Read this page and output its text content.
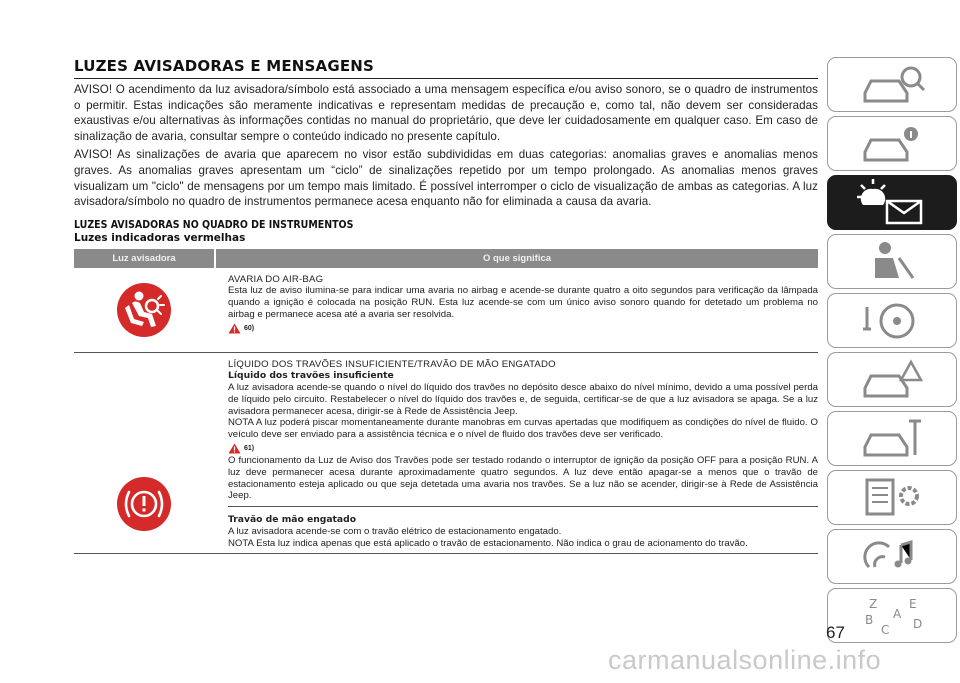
LUZES AVISADORAS E MENSAGENS

AVISO! O acendimento da luz avisadora/símbolo está associado a uma mensagem específica e/ou aviso sonoro, se o quadro de instrumentos o permitir. Estas indicações são meramente indicativas e representam medidas de precaução e, como tal, não devem ser consideradas exaustivas e/ou alternativas às informações contidas no manual do proprietário, que deve ler cuidadosamente em qualquer caso. Em caso de sinalização de avaria, consultar sempre o conteúdo indicado no presente capítulo.

AVISO! As sinalizações de avaria que aparecem no visor estão subdivididas em duas categorias: anomalias graves e anomalias menos graves. As anomalias graves apresentam um “ciclo” de sinalizações repetido por um tempo prolongado. As anomalias menos graves visualizam um "ciclo" de mensagens por um tempo mais limitado. É possível interromper o ciclo de visualização de ambas as categorias. A luz avisadora/símbolo no quadro de instrumentos permanece acesa enquanto não for eliminada a causa da avaria.

LUZES AVISADORAS NO QUADRO DE INSTRUMENTOS
Luzes indicadoras vermelhas
Luz avisadora	O que significa
AVARIA DO AIR-BAG
Esta luz de aviso ilumina-se para indicar uma avaria no airbag e acende-se durante quatro a oito segundos para verificação da lâmpada quando a ignição é colocada na posição RUN. Esta luz acende-se com um único aviso sonoro quando for detetado um problema no airbag e permanece acesa até a avaria ser resolvida.
60)
LÍQUIDO DOS TRAVÕES INSUFICIENTE/TRAVÃO DE MÃO ENGATADO
Líquido dos travões insuficiente
A luz avisadora acende-se quando o nível do líquido dos travões no depósito desce abaixo do nível mínimo, devido a uma possível perda de líquido pelo circuito. Restabelecer o nível do líquido dos travões e, de seguida, certificar-se de que a luz avisadora se apaga. Se a luz avisadora permanecer acesa, dirigir-se à Rede de Assistência Jeep.
NOTA A luz poderá piscar momentaneamente durante manobras em curvas apertadas que modifiquem as condições do nível de fluido. O veículo deve ser enviado para a assistência técnica e o nível de fluido dos travões deve ser verificado.
61)
O funcionamento da Luz de Aviso dos Travões pode ser testado rodando o interruptor de ignição da posição OFF para a posição RUN. A luz deve permanecer acesa durante aproximadamente quatro segundos. A luz deve então apagar-se a menos que o travão de estacionamento esteja aplicado ou que seja detetada uma avaria nos travões. Se a luz não se acender, dirigir-se à Rede de Assistência Jeep.
Travão de mão engatado
A luz avisadora acende-se com o travão elétrico de estacionamento engatado.
NOTA Esta luz indica apenas que está aplicado o travão de estacionamento. Não indica o grau de acionamento do travão.
Z	E
A
B
C D
67
carmanualsonline.info
